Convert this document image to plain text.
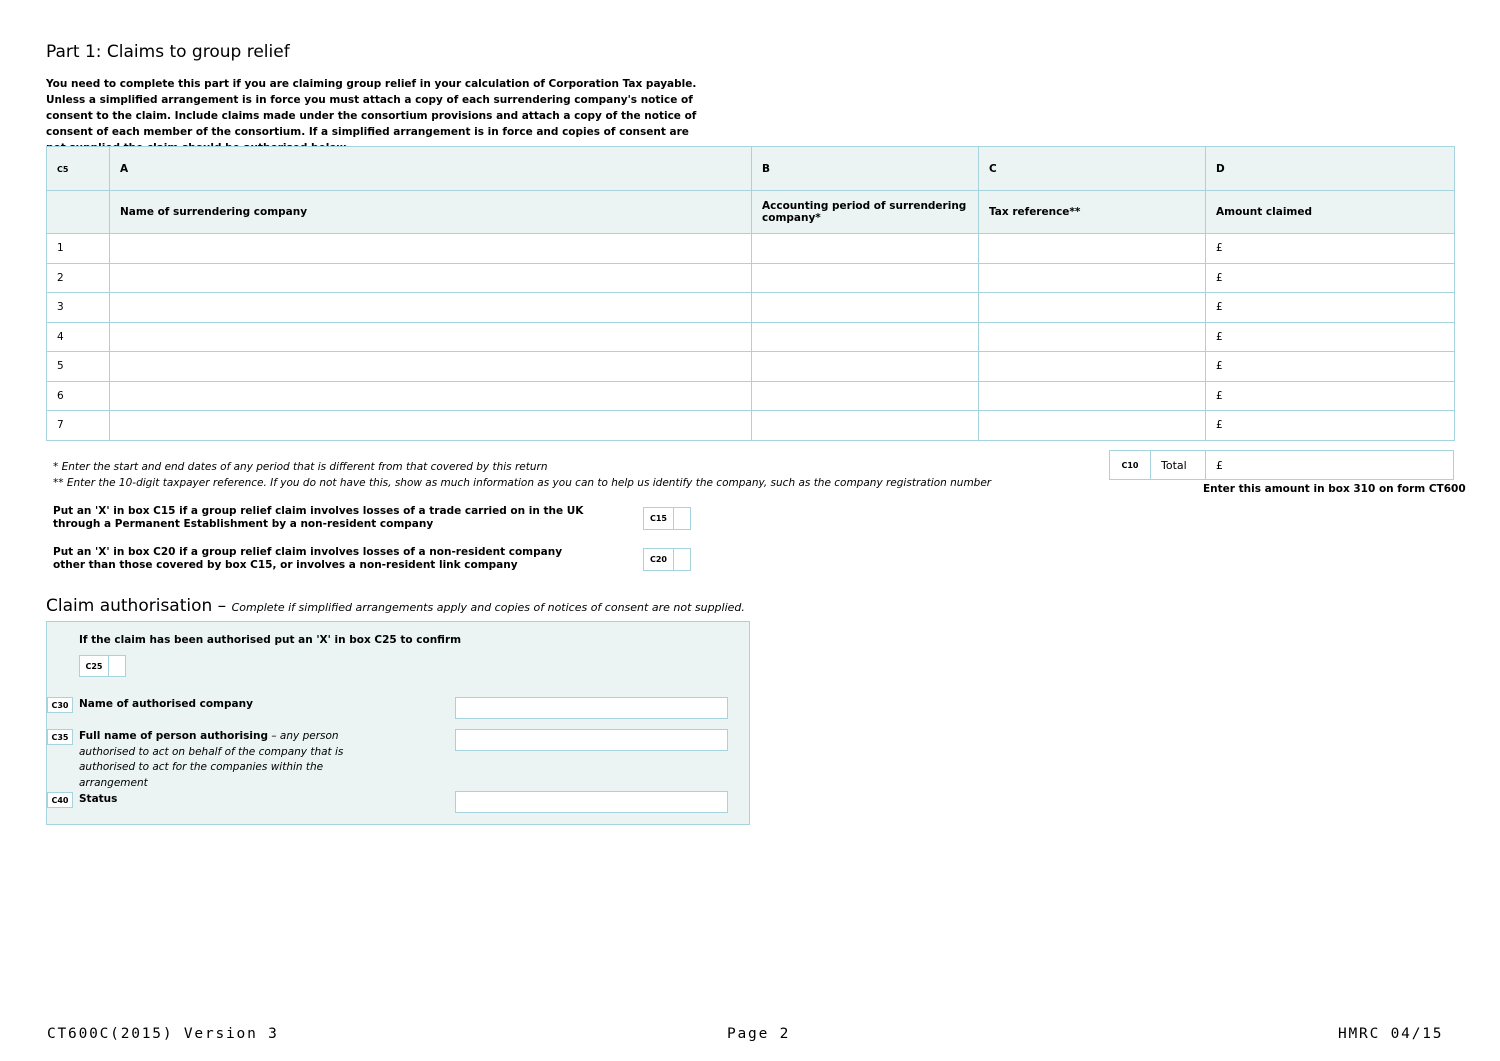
Part 1: Claims to group relief
You need to complete this part if you are claiming group relief in your calculation of Corporation Tax payable. Unless a simplified arrangement is in force you must attach a copy of each surrendering company's notice of consent to the claim. Include claims made under the consortium provisions and attach a copy of the notice of consent of each member of the consortium. If a simplified arrangement is in force and copies of consent are
C5	A	B	C	D
	Name of surrendering company	Accounting period of surrendering company*	Tax reference**	Amount claimed
1				£
2				£
3				£
4				£
5				£
6				£
7				£
* Enter the start and end dates of any period that is different from that covered by this return
** Enter the 10-digit taxpayer reference. If you do not have this, show as much information as you can to help us identify the company, such as the company registration number
C10	Total	£
Enter this amount in box 310 on form CT600
Put an 'X' in box C15 if a group relief claim involves losses of a trade carried on in the UK through a Permanent Establishment by a non-resident company	C15
Put an 'X' in box C20 if a group relief claim involves losses of a non-resident company other than those covered by box C15, or involves a non-resident link company	C20
Claim authorisation – Complete if simplified arrangements apply and copies of notices of consent are not supplied.
If the claim has been authorised put an 'X' in box C25 to confirm
C25
C30	Name of authorised company
C35	Full name of person authorising – any person authorised to act on behalf of the company that is authorised to act for the companies within the arrangement
C40	Status
CT600C(2015) Version 3	Page 2	HMRC 04/15
